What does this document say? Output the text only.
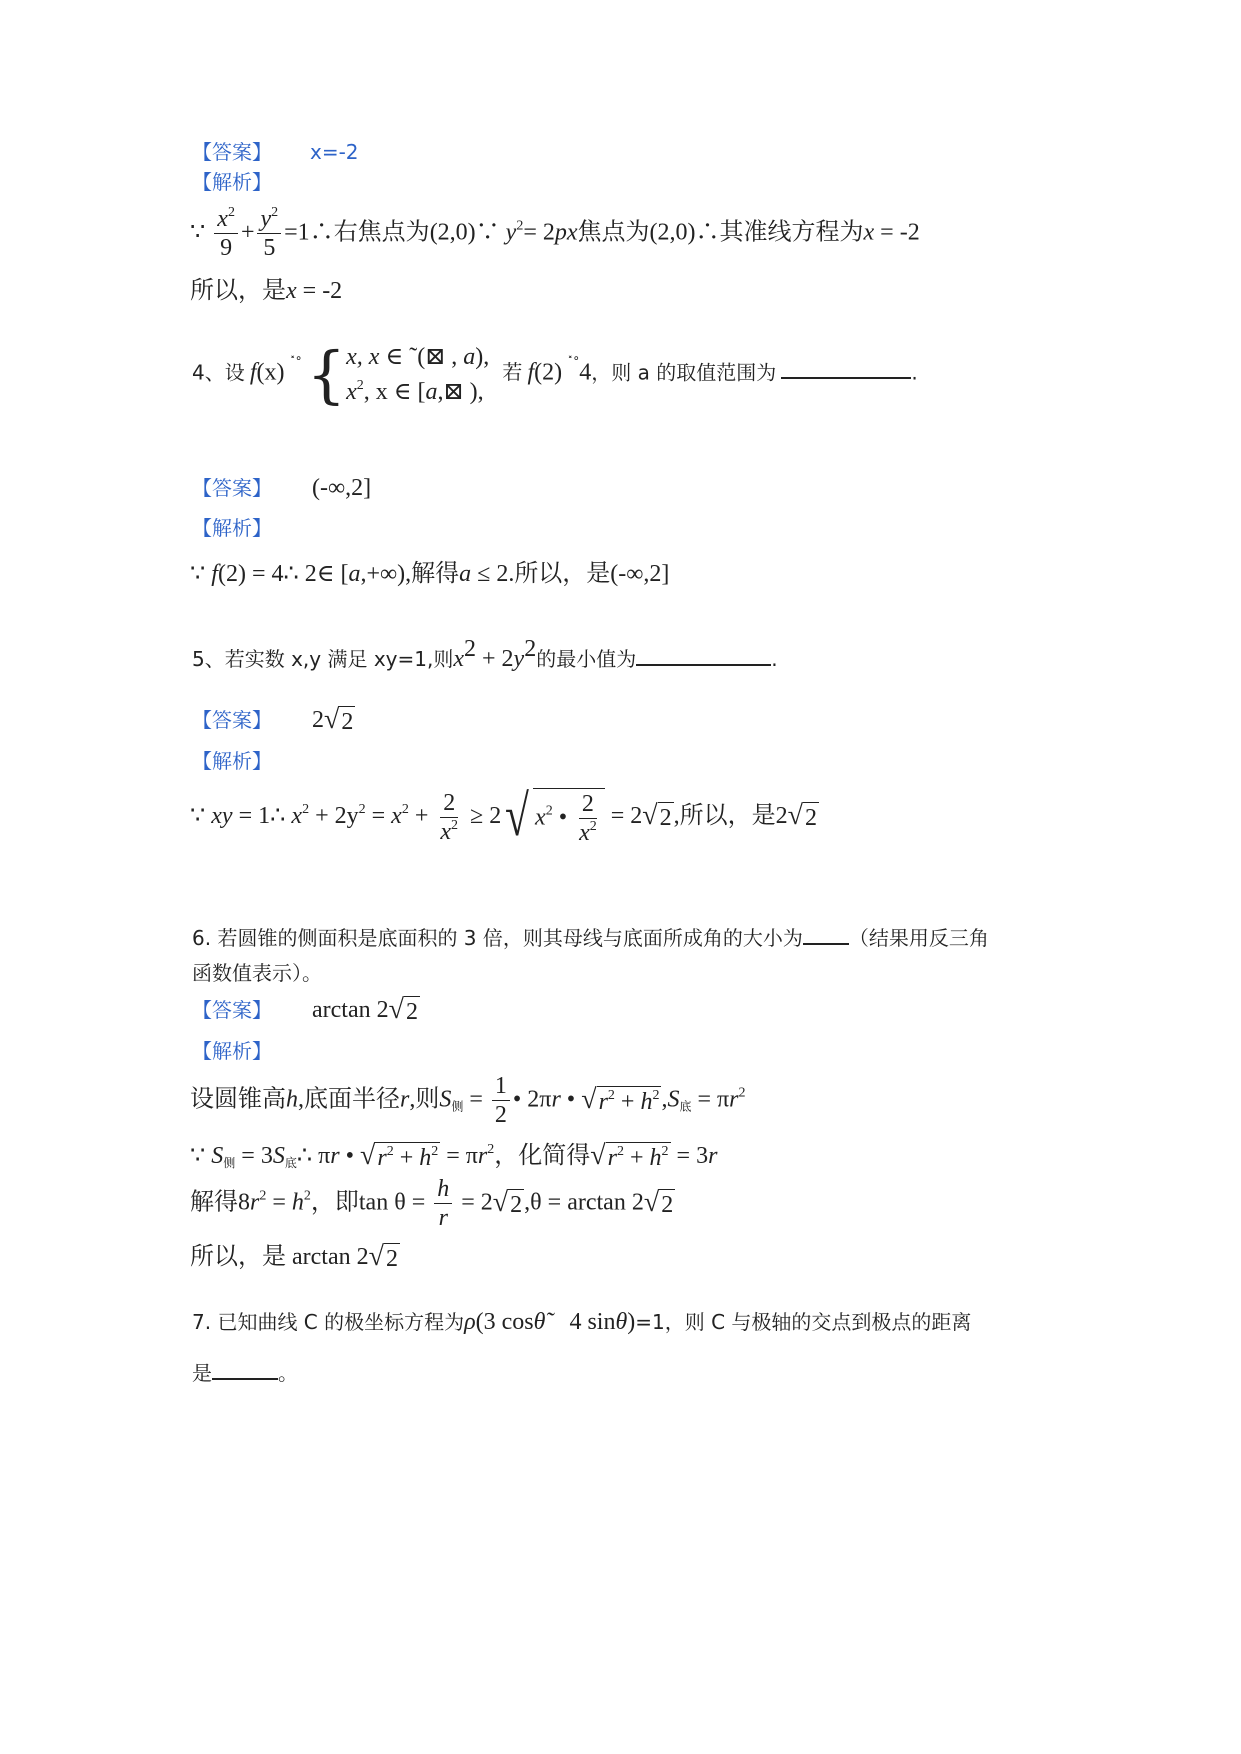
【答案】 x=-2
【解析】
∵ $\frac{x^2}{9} + \frac{y^2}{5}$ =1∴右焦点为(2,0)∵ $y^2= 2px$焦点为(2,0)∴其准线方程为x = -2
所以，是x = -2
4、设 f(x) ˟° { x, x ∈ ˜(⊠ , a),
$x^2$, x ∈ [a,⊠ ),
若 f(2) ˟°4，则 a 的取值范围为	.
【答案】 (-∞,2]
【解析】
∵ f(2) = 4∴ 2∈ [a,+∞),解得a ≤ 2.所以，是(-∞,2]
5、若实数 x,y 满足 xy=1,则$x^2 + 2y^2$的最小值为	.
【答案】 2 √ 2
【解析】
∵ xy = 1∴ $x^2 + 2y^2 = x^2 + \frac{2}{x^2} \ge 2$ √ $x^2$ • $\frac{2}{x^2} = 2$ √ 2 ,所以，是2 √ 2
6. 若圆锥的侧面积是底面积的 3 倍，则其母线与底面所成角的大小为 （结果用反三角
函数值表示）。
【答案】 arctan 2 √ 2
【解析】
设圆锥高h,底面半径r,则$S_侧 = \frac{1}{2}$ • 2πr • √ $r^2 + h^2$ $,S_底 = \pi r^2$
∵ $S_侧$ = $3S_底\therefore$ πr • √ $r^2 + h^2 = \pi r^2$，化简得 √ $r^2 + h^2 = 3r$
解得$8r^2 = h^2$，即$\tan \theta = \frac{h}{r} = 2$ √ 2 ,θ = arctan 2 √ 2
所以，是 arctan 2 √ 2
7. 已知曲线 C 的极坐标方程为ρ(3 cosθ̃    4 sinθ)=1，则 C 与极轴的交点到极点的距离
是	。
